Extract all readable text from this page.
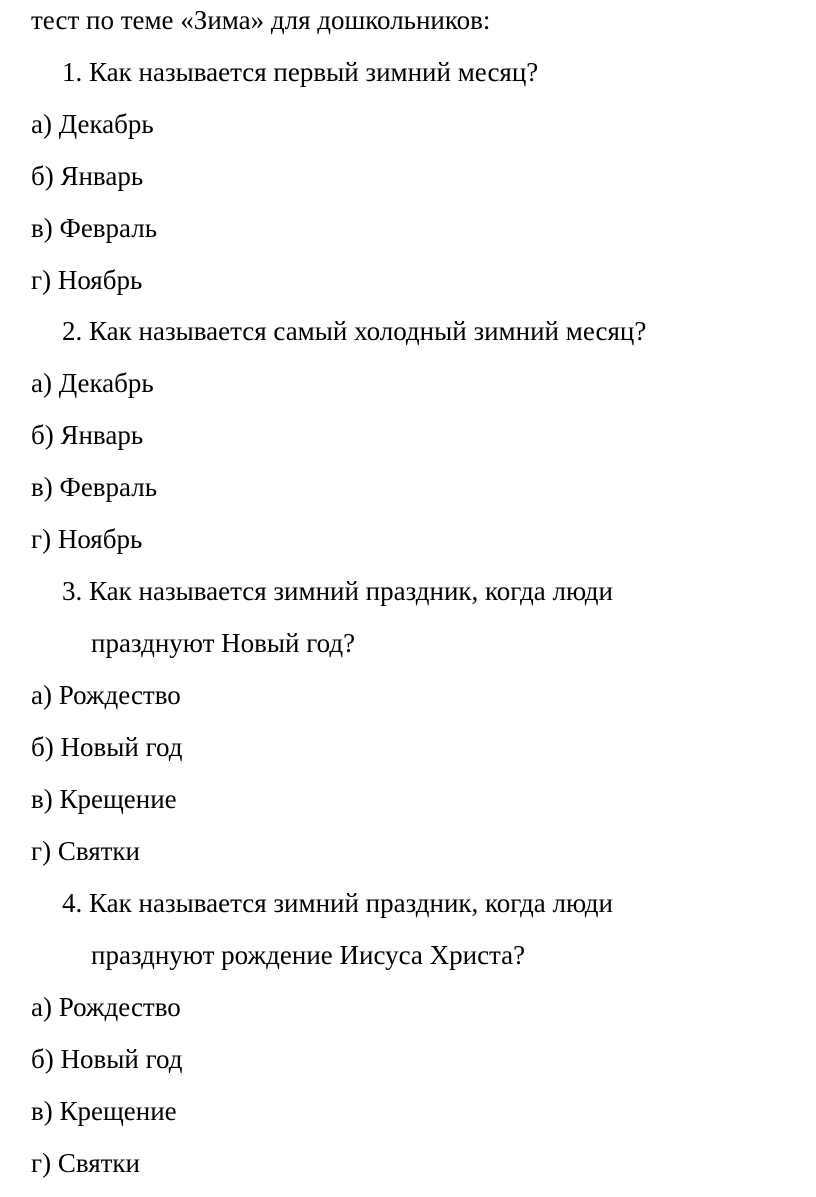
тест по теме «Зима» для дошкольников:
1. Как называется первый зимний месяц?
а) Декабрь
б) Январь
в) Февраль
г) Ноябрь
2. Как называется самый холодный зимний месяц?
а) Декабрь
б) Январь
в) Февраль
г) Ноябрь
3. Как называется зимний праздник, когда люди
празднуют Новый год?
а) Рождество
б) Новый год
в) Крещение
г) Святки
4. Как называется зимний праздник, когда люди
празднуют рождение Иисуса Христа?
а) Рождество
б) Новый год
в) Крещение
г) Святки
